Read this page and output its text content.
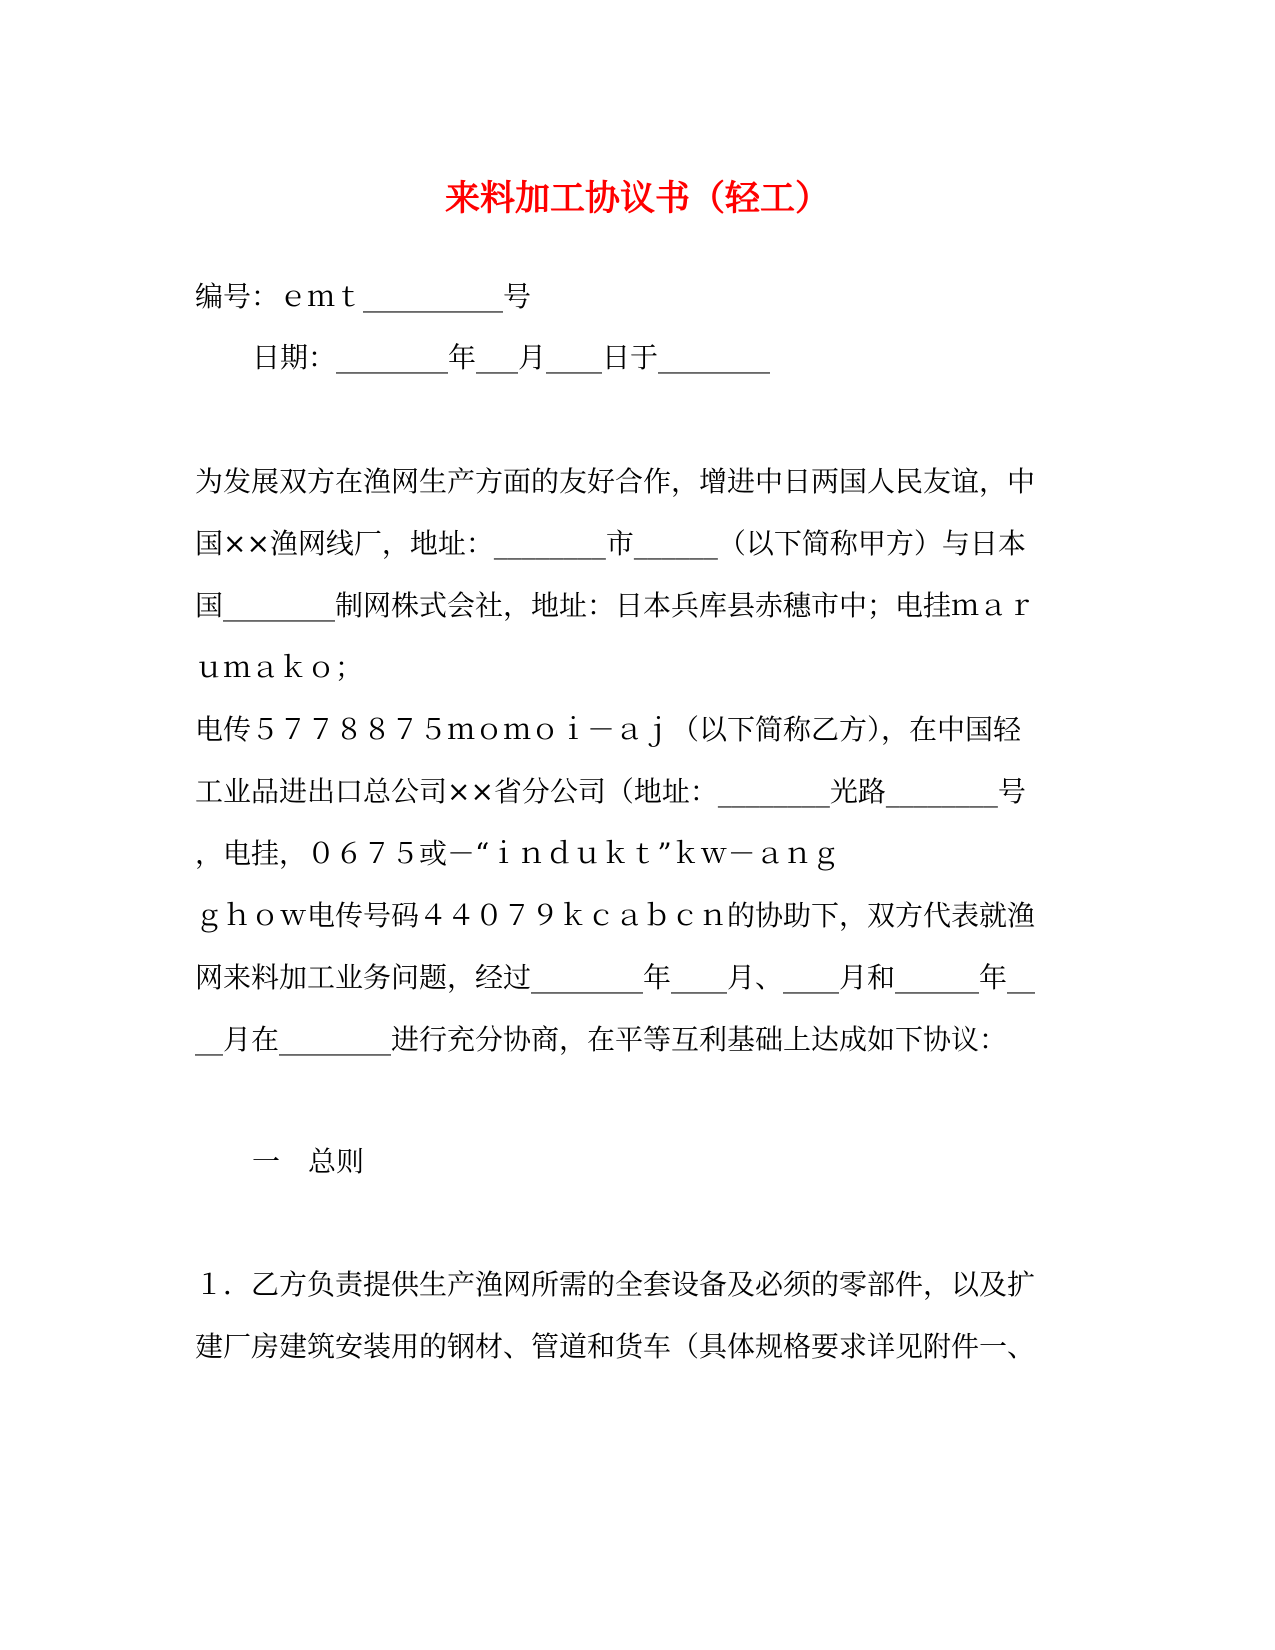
来料加工协议书（轻工）
编号：ｅｍｔ__________号
日期：________年___月____日于________
为发展双方在渔网生产方面的友好合作，增进中日两国人民友谊，中
国××渔网线厂，地址：________市______（以下简称甲方）与日本
国________制网株式会社，地址：日本兵库县赤穗市中；电挂ｍａｒ
ｕｍａｋｏ；
电传５７７８８７５ｍｏｍｏｉ－ａｊ（以下简称乙方），在中国轻
工业品进出口总公司××省分公司（地址：________光路________号
，电挂，０６７５或－“ｉｎｄｕｋｔ”ｋｗ－ａｎｇ
ｇｈｏｗ电传号码４４０７９ｋｃａｂｃｎ的协助下，双方代表就渔
网来料加工业务问题，经过________年____月、____月和______年__
__月在________进行充分协商，在平等互利基础上达成如下协议：
一　总则
１．乙方负责提供生产渔网所需的全套设备及必须的零部件，以及扩
建厂房建筑安装用的钢材、管道和货车（具体规格要求详见附件一、
